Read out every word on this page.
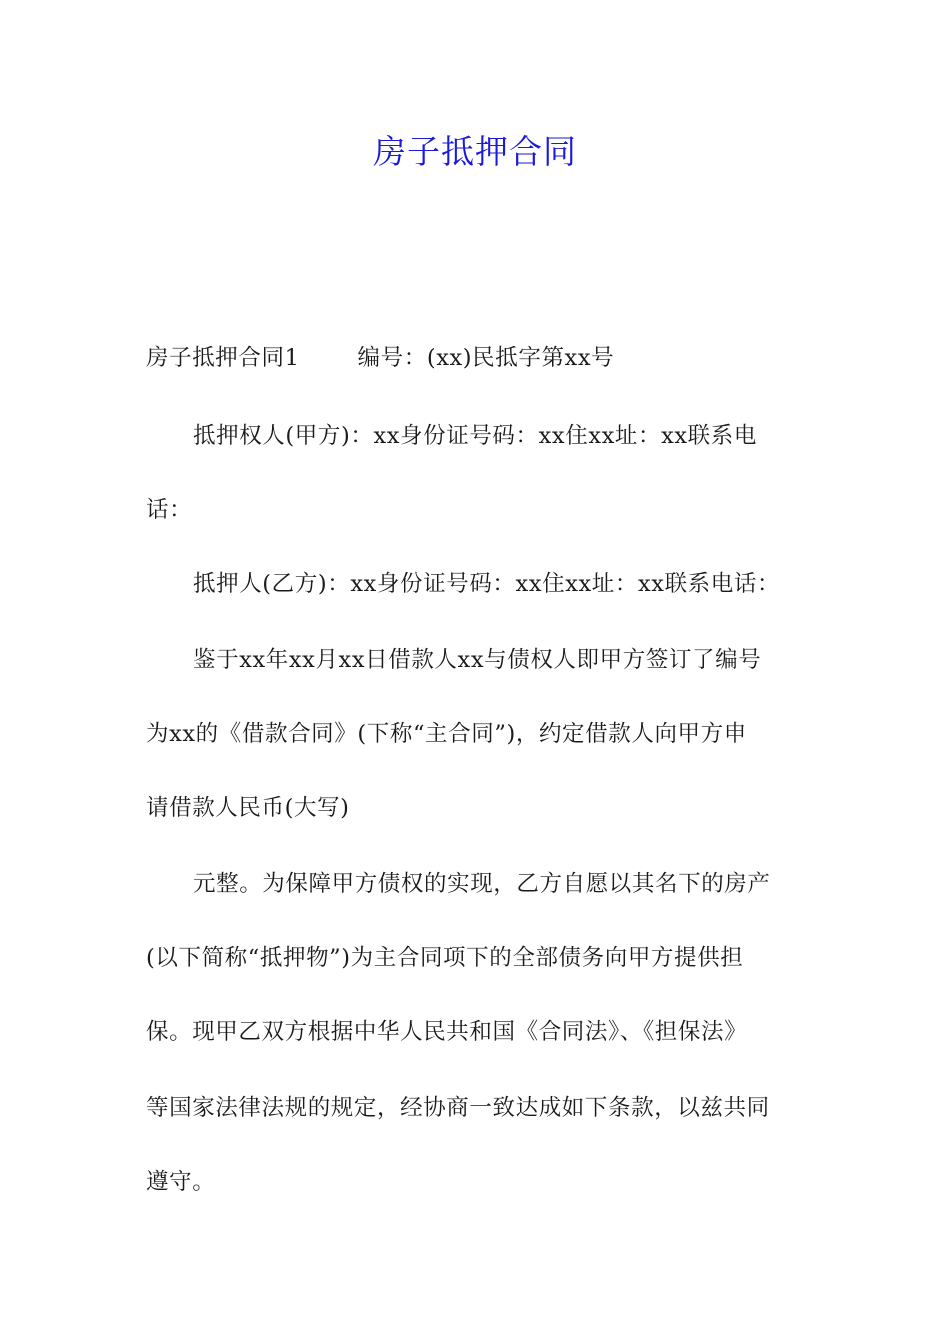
房子抵押合同
房子抵押合同1	编号：(xx)民抵字第xx号
抵押权人(甲方)：xx身份证号码：xx住xx址：xx联系电
话：
抵押人(乙方)：xx身份证号码：xx住xx址：xx联系电话：
鉴于xx年xx月xx日借款人xx与债权人即甲方签订了编号
为xx的《借款合同》(下称“主合同”)，约定借款人向甲方申
请借款人民币(大写)
元整。为保障甲方债权的实现，乙方自愿以其名下的房产
(以下简称“抵押物”)为主合同项下的全部债务向甲方提供担
保。现甲乙双方根据中华人民共和国《合同法》、《担保法》
等国家法律法规的规定，经协商一致达成如下条款，以兹共同
遵守。
